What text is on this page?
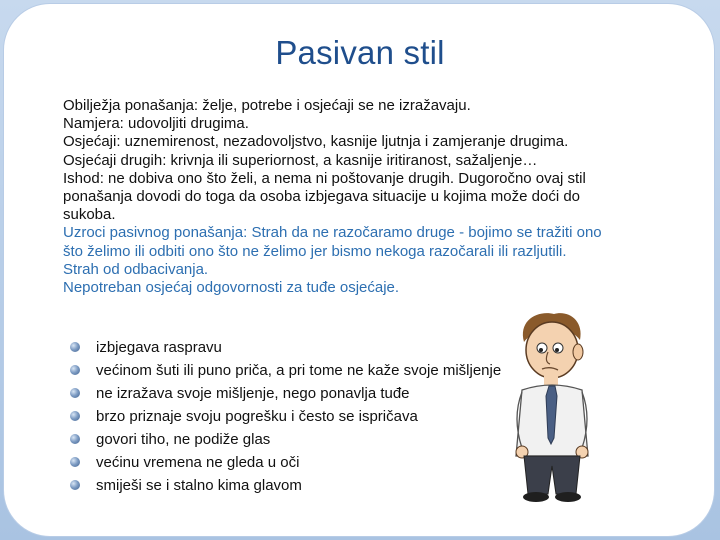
Pasivan stil
Obilježja ponašanja: želje, potrebe i osjećaji se ne izražavaju.
Namjera: udovoljiti drugima.
Osjećaji: uznemirenost, nezadovoljstvo, kasnije ljutnja i zamjeranje drugima.
Osjećaji drugih: krivnja ili superiornost, a kasnije iritiranost, sažaljenje…
Ishod: ne dobiva ono što želi, a nema ni poštovanje drugih. Dugoročno ovaj stil
ponašanja dovodi do toga da osoba izbjegava situacije u kojima može doći do
sukoba.
Uzroci pasivnog ponašanja: Strah da ne razočaramo druge - bojimo se tražiti ono
što želimo ili odbiti ono što ne želimo jer bismo nekoga razočarali ili razljutili.
Strah od odbacivanja.
Nepotreban osjećaj odgovornosti za tuđe osjećaje.
izbjegava raspravu
većinom šuti ili puno priča, a pri tome ne kaže svoje mišljenje
ne izražava svoje mišljenje, nego ponavlja tuđe
brzo priznaje svoju pogrešku i često se ispričava
govori tiho, ne podiže glas
većinu vremena ne gleda u oči
smiješi se i stalno kima glavom
